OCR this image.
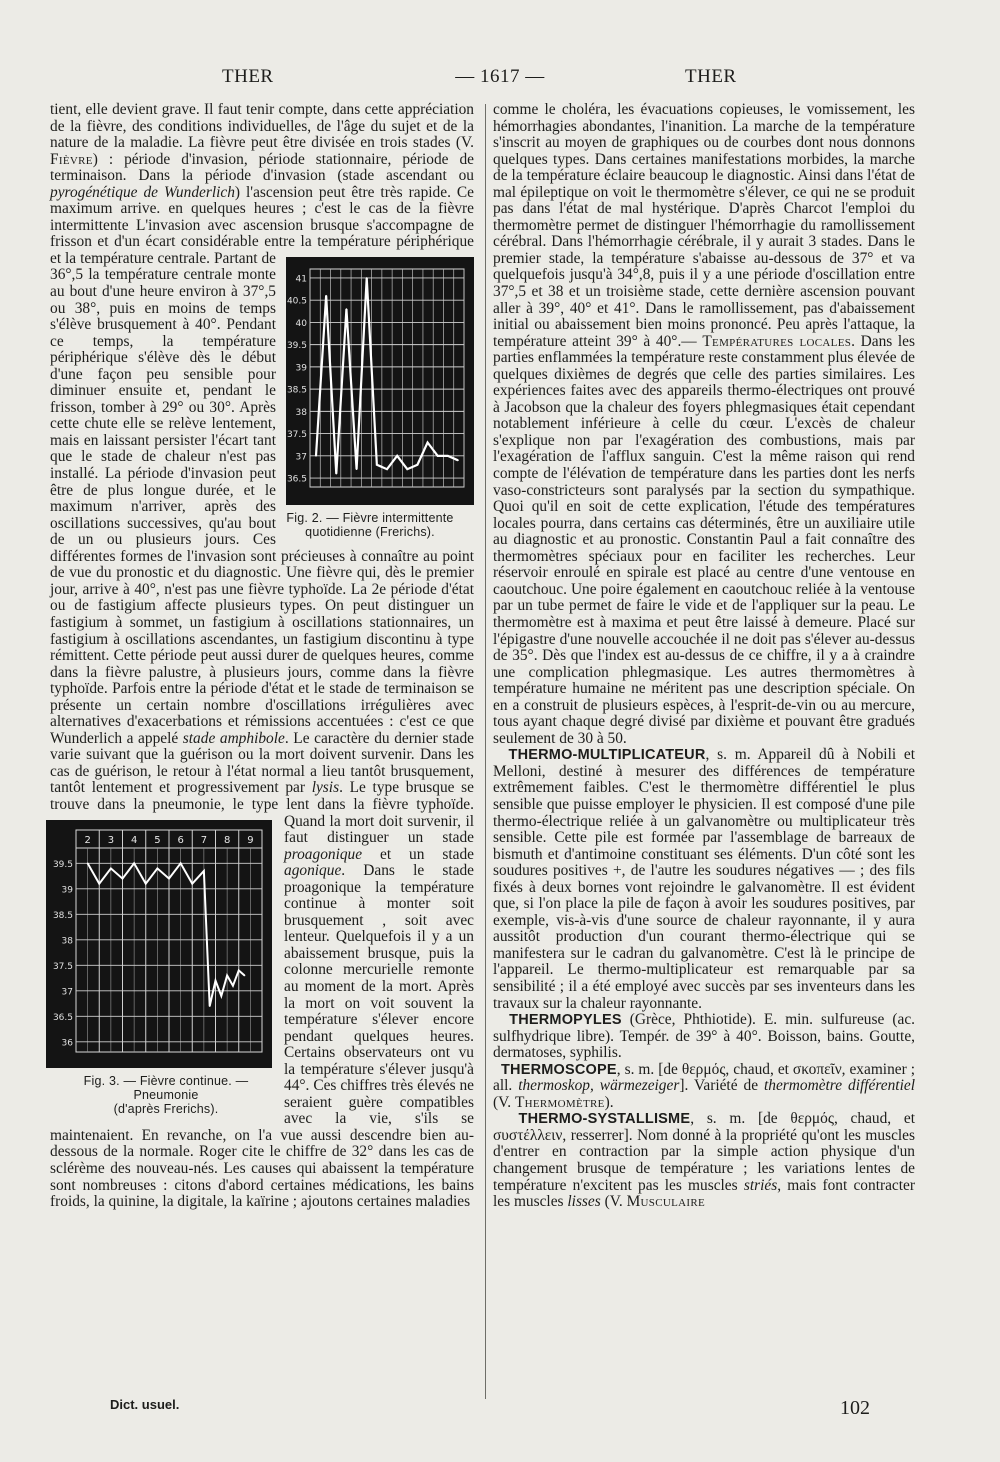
THER	— 1617 —	THER

tient, elle devient grave. Il faut tenir compte, dans cette appréciation de la fièvre, des conditions individuelles, de l'âge du sujet et de la nature de la maladie. La fièvre peut être divisée en trois stades (V. Fièvre) : période d'invasion, période stationnaire, période de terminaison. Dans la période d'invasion (stade ascendant ou pyrogénétique de Wunderlich) l'ascension peut être très rapide. Ce maximum arrive. en quelques heures ; c'est le cas de la fièvre intermittente L'invasion avec ascension brusque s'accompagne de frisson et d'un écart considérable entre
41
40.5
40
39.5
39
38.5
38
37.5
37
36.5
Fig. 2. — Fièvre intermittente
quotidienne (Frerichs).
la température périphérique et la température centrale. Partant de 36°,5 la température centrale monte au bout d'une heure environ à 37°,5 ou 38°, puis en moins de temps s'élève brusquement à 40°. Pendant ce temps, la température périphérique s'élève dès le début d'une façon peu sensible pour diminuer ensuite et, pendant le frisson, tomber à 29° ou 30°. Après cette chute elle se relève lentement, mais en laissant persister l'écart tant que le stade de chaleur n'est pas installé. La période d'invasion peut être de plus longue durée, et le maximum n'arriver, après des oscillations successives, qu'au bout de un ou plusieurs jours. Ces différentes formes de l'invasion sont précieuses à connaître au point de vue du pronostic et du diagnostic. Une fièvre qui, dès le premier jour, arrive à 40°, n'est pas une fièvre typhoïde. La 2e période d'état ou de fastigium affecte plusieurs types. On peut distinguer un fastigium à sommet, un fastigium à oscillations stationnaires, un fastigium à oscillations ascendantes, un fastigium discontinu à type rémittent. Cette période peut aussi durer de quelques heures, comme dans la fièvre palustre, à plusieurs jours, comme dans la fièvre typhoïde. Parfois entre la période d'état et le stade de terminaison se présente un certain nombre d'oscillations irrégulières avec alternatives d'exacerbations et rémissions accentuées : c'est ce que Wunderlich a appelé stade amphibole. Le caractère du dernier stade varie suivant que la guérison ou la mort doivent survenir. Dans les cas de guérison, le retour à l'état normal a lieu tantôt brusquement, tantôt lentement et progressivement par lysis. Le type brusque se trouve dans la pneumonie, le type lent dans la fièvre typhoïde. Quand la mort doit survenir, il
2 3 4 5 6 7 8 9
39.5
39
38.5
38
37.5
37
36.5
36
Fig. 3. — Fièvre continue. — Pneumonie
(d'après Frerichs).
faut distinguer un stade proagonique et un stade agonique. Dans le stade proagonique la température continue à monter soit brusquement , soit avec lenteur. Quelquefois il y a un abaissement brusque, puis la colonne mercurielle remonte au moment de la mort. Après la mort on voit souvent la température s'élever encore pendant quelques heures. Certains observateurs ont vu la température s'élever jusqu'à 44°. Ces chiffres très élevés ne seraient guère compatibles avec la vie, s'ils se maintenaient. En revanche, on l'a vue aussi descendre bien au-dessous de la normale. Roger cite le chiffre de 32° dans les cas de sclérème des nouveau-nés. Les causes qui abaissent la température sont nombreuses : citons d'abord certaines médications, les bains froids, la quinine, la digitale, la kaïrine ; ajoutons certaines maladies

comme le choléra, les évacuations copieuses, le vomissement, les hémorrhagies abondantes, l'inanition. La marche de la température s'inscrit au moyen de graphiques ou de courbes dont nous donnons quelques types. Dans certaines manifestations morbides, la marche de la température éclaire beaucoup le diagnostic. Ainsi dans l'état de mal épileptique on voit le thermomètre s'élever, ce qui ne se produit pas dans l'état de mal hystérique. D'après Charcot l'emploi du thermomètre permet de distinguer l'hémorrhagie du ramollissement cérébral. Dans l'hémorrhagie cérébrale, il y aurait 3 stades. Dans le premier stade, la température s'abaisse au-dessous de 37° et va quelquefois jusqu'à 34°,8, puis il y a une période d'oscillation entre 37°,5 et 38 et un troisième stade, cette dernière ascension pouvant aller à 39°, 40° et 41°. Dans le ramollissement, pas d'abaissement initial ou abaissement bien moins prononcé. Peu après l'attaque, la température atteint 39° à 40°.— Températures locales. Dans les parties enflammées la température reste constamment plus élevée de quelques dixièmes de degrés que celle des parties similaires. Les expériences faites avec des appareils thermo-électriques ont prouvé à Jacobson que la chaleur des foyers phlegmasiques était cependant notablement inférieure à celle du cœur. L'excès de chaleur s'explique non par l'exagération des combustions, mais par l'exagération de l'afflux sanguin. C'est la même raison qui rend compte de l'élévation de température dans les parties dont les nerfs vaso-constricteurs sont paralysés par la section du sympathique. Quoi qu'il en soit de cette explication, l'étude des températures locales pourra, dans certains cas déterminés, être un auxiliaire utile au diagnostic et au pronostic. Constantin Paul a fait connaître des thermomètres spéciaux pour en faciliter les recherches. Leur réservoir enroulé en spirale est placé au centre d'une ventouse en caoutchouc. Une poire également en caoutchouc reliée à la ventouse par un tube permet de faire le vide et de l'appliquer sur la peau. Le thermomètre est à maxima et peut être laissé à demeure. Placé sur l'épigastre d'une nouvelle accouchée il ne doit pas s'élever au-dessus de 35°. Dès que l'index est au-dessus de ce chiffre, il y a à craindre une complication phlegmasique. Les autres thermomètres à température humaine ne méritent pas une description spéciale. On en a construit de plusieurs espèces, à l'esprit-de-vin ou au mercure, tous ayant chaque degré divisé par dixième et pouvant être gradués seulement de 30 à 50.

THERMO-MULTIPLICATEUR, s. m. Appareil dû à Nobili et Melloni, destiné à mesurer des différences de température extrêmement faibles. C'est le thermomètre différentiel le plus sensible que puisse employer le physicien. Il est composé d'une pile thermo-électrique reliée à un galvanomètre ou multiplicateur très sensible. Cette pile est formée par l'assemblage de barreaux de bismuth et d'antimoine constituant ses éléments. D'un côté sont les soudures positives +, de l'autre les soudures négatives — ; des fils fixés à deux bornes vont rejoindre le galvanomètre. Il est évident que, si l'on place la pile de façon à avoir les soudures positives, par exemple, vis-à-vis d'une source de chaleur rayonnante, il y aura aussitôt production d'un courant thermo-électrique qui se manifestera sur le cadran du galvanomètre. C'est là le principe de l'appareil. Le thermo-multiplicateur est remarquable par sa sensibilité ; il a été employé avec succès par ses inventeurs dans les travaux sur la chaleur rayonnante.

THERMOPYLES (Grèce, Phthiotide). E. min. sulfureuse (ac. sulfhydrique libre). Tempér. de 39° à 40°. Boisson, bains. Goutte, dermatoses, syphilis.

THERMOSCOPE, s. m. [de θερμός, chaud, et σκοπεῖν, examiner ; all. thermoskop, wärmezeiger]. Variété de thermomètre différentiel (V. Thermomètre).

THERMO-SYSTALLISME, s. m. [de θερμός, chaud, et συστέλλειν, resserrer]. Nom donné à la propriété qu'ont les muscles d'entrer en contraction par la simple action physique d'un changement brusque de température ; les variations lentes de température n'excitent pas les muscles striés, mais font contracter les muscles lisses (V. Musculaire

Dict. usuel.	102
